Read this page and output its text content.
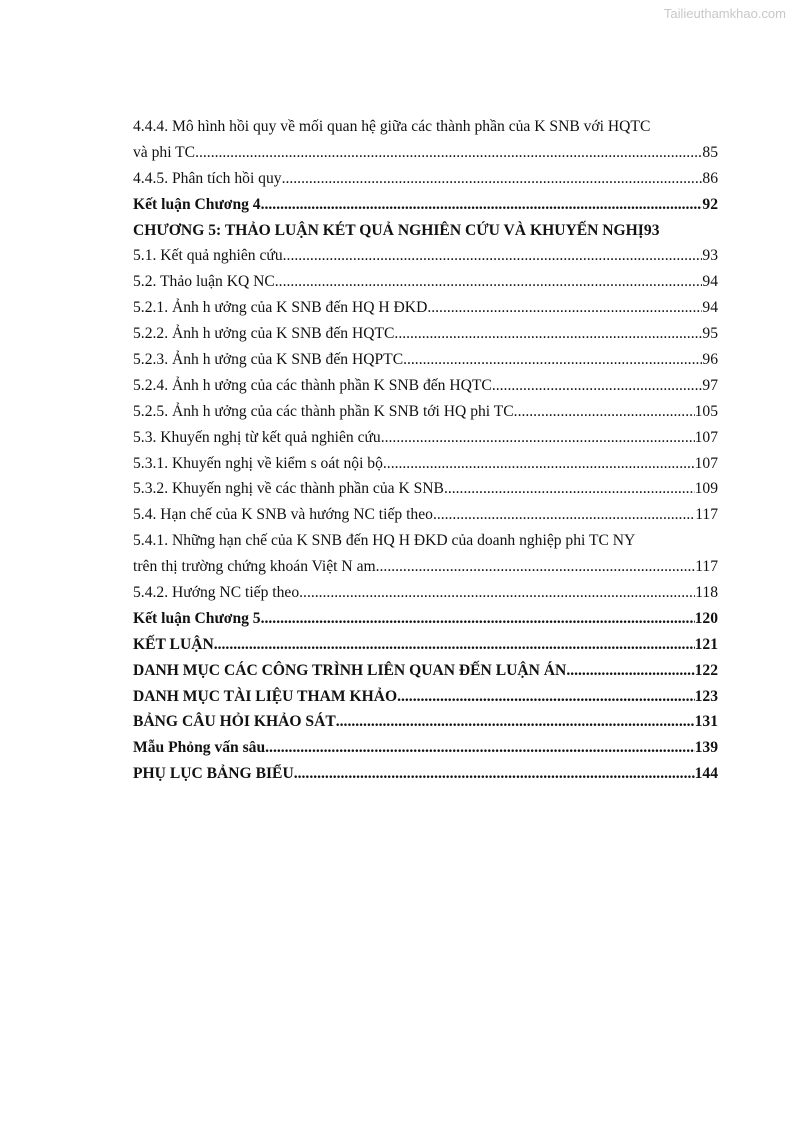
Tailieuthamkhao.com
4.4.4. Mô hình hồi quy về mối quan hệ giữa các thành phần của K SNB với HQTC
và phi TC .....	85
4.4.5. Phân tích hồi quy .....	86
Kết luận Chương 4 .....	92
CHƯƠNG 5: THẢO LUẬN KÉT QUẢ NGHIÊN CỨU VÀ KHUYẾN NGHỊ 93
5.1. Kết quả nghiên cứu .....	93
5.2. Thảo luận KQ NC .....	94
5.2.1. Ảnh h ưởng của K SNB đến HQ H ĐKD .....	94
5.2.2. Ảnh h ưởng của K SNB đến HQTC .....	95
5.2.3. Ảnh h ưởng của K SNB đến HQPTC .....	96
5.2.4. Ảnh h ưởng của các thành phần K SNB đến HQTC .....	97
5.2.5. Ảnh h ưởng của các thành phần K SNB tới HQ phi TC .....	105
5.3. Khuyến nghị từ kết quả nghiên cứu .....	107
5.3.1. Khuyến nghị về kiểm s oát nội bộ .....	107
5.3.2. Khuyến nghị về các thành phần của K SNB .....	109
5.4. Hạn chế của K SNB và hướng NC tiếp theo .....	117
5.4.1. Những hạn chế của K SNB đến HQ H ĐKD của doanh nghiệp phi TC NY
trên thị trường chứng khoán Việt N am .....	117
5.4.2. Hướng NC tiếp theo .....	118
Kết luận Chương 5 .....	120
KẾT LUẬN .....	121
DANH MỤC CÁC CÔNG TRÌNH LIÊN QUAN ĐẾN LUẬN ÁN .....	122
DANH MỤC TÀI LIỆU THAM KHẢO .....	123
BẢNG CÂU HỎI KHẢO SÁT .....	131
Mẫu Phỏng vấn sâu .....	139
PHỤ LỤC BẢNG BIỂU .....	144
